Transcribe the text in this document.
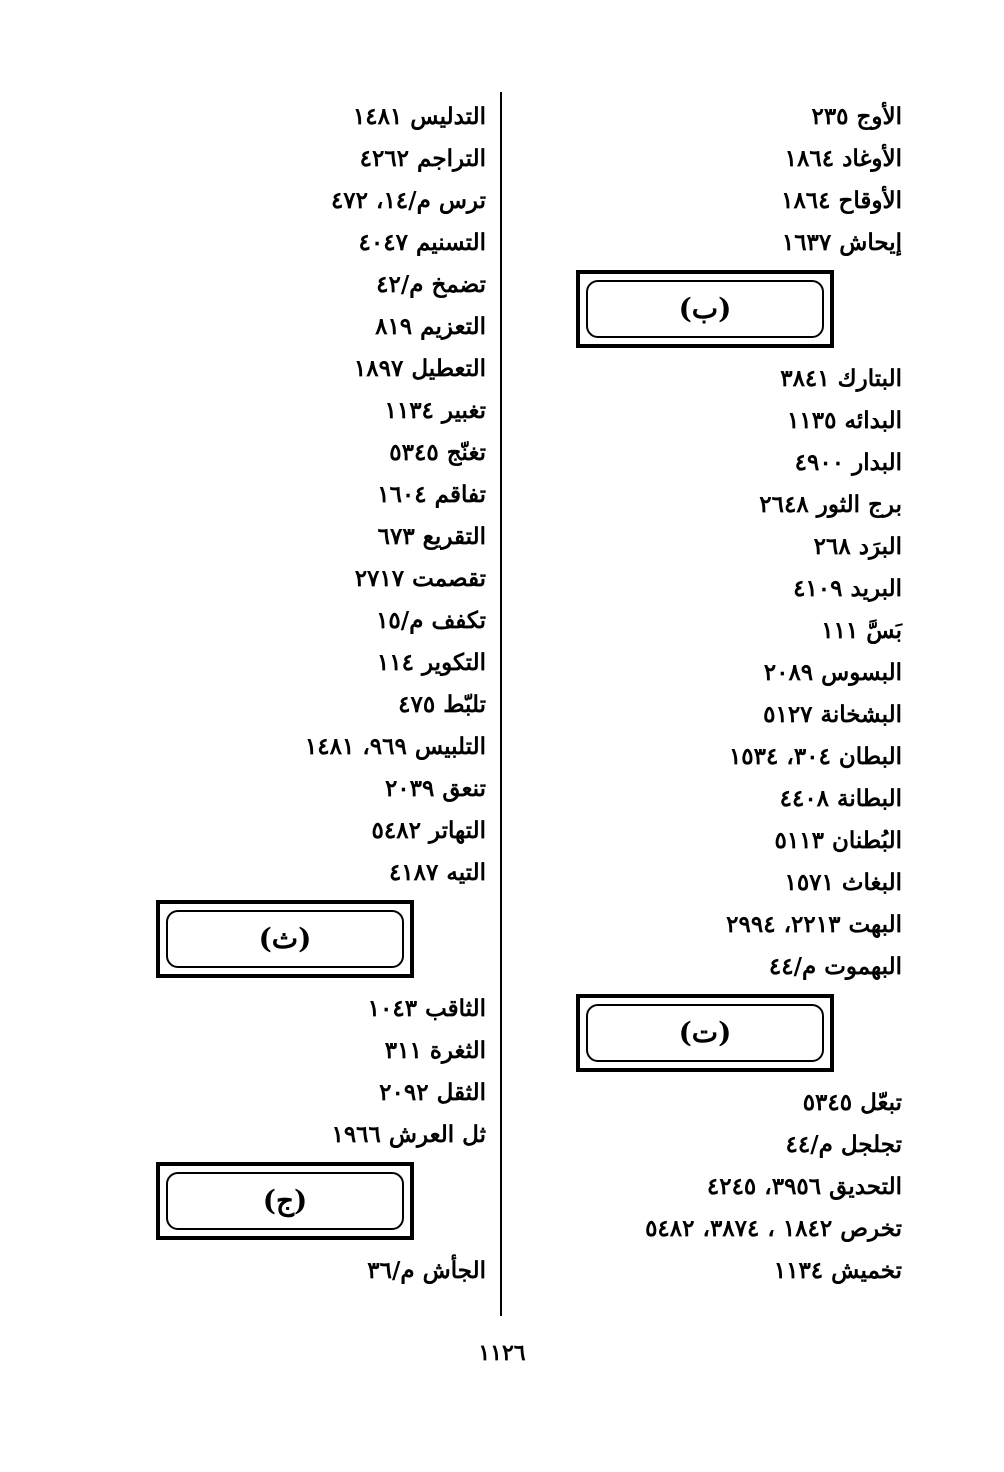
الأوج ٢٣٥
الأوغاد ١٨٦٤
الأوقاح ١٨٦٤
إيحاش ١٦٣٧
(ب)
البتارك ٣٨٤١
البدائه ١١٣٥
البدار ٤٩٠٠
برج الثور ٢٦٤٨
البرَد ٢٦٨
البريد ٤١٠٩
بَسَّ ١١١
البسوس ٢٠٨٩
البشخانة ٥١٢٧
البطان ٣٠٤، ١٥٣٤
البطانة ٤٤٠٨
البُطنان ٥١١٣
البغاث ١٥٧١
البهت ٢٢١٣، ٢٩٩٤
البهموت م/٤٤
(ت)
تبعّل ٥٣٤٥
تجلجل م/٤٤
التحديق ٣٩٥٦، ٤٢٤٥
تخرص ١٨٤٢ ، ٣٨٧٤، ٥٤٨٢
تخميش ١١٣٤
التدليس ١٤٨١
التراجم ٤٢٦٢
ترس م/١٤، ٤٧٢
التسنيم ٤٠٤٧
تضمخ م/٤٢
التعزيم ٨١٩
التعطيل ١٨٩٧
تغبير ١١٣٤
تغنّج ٥٣٤٥
تفاقم ١٦٠٤
التقريع ٦٧٣
تقصمت ٢٧١٧
تكفف م/١٥
التكوير ١١٤
تلبّط ٤٧٥
التلبيس ٩٦٩، ١٤٨١
تنعق ٢٠٣٩
التهاتر ٥٤٨٢
التيه ٤١٨٧
(ث)
الثاقب ١٠٤٣
الثغرة ٣١١
الثقل ٢٠٩٢
ثل العرش ١٩٦٦
(ج)
الجأش م/٣٦
١١٢٦
